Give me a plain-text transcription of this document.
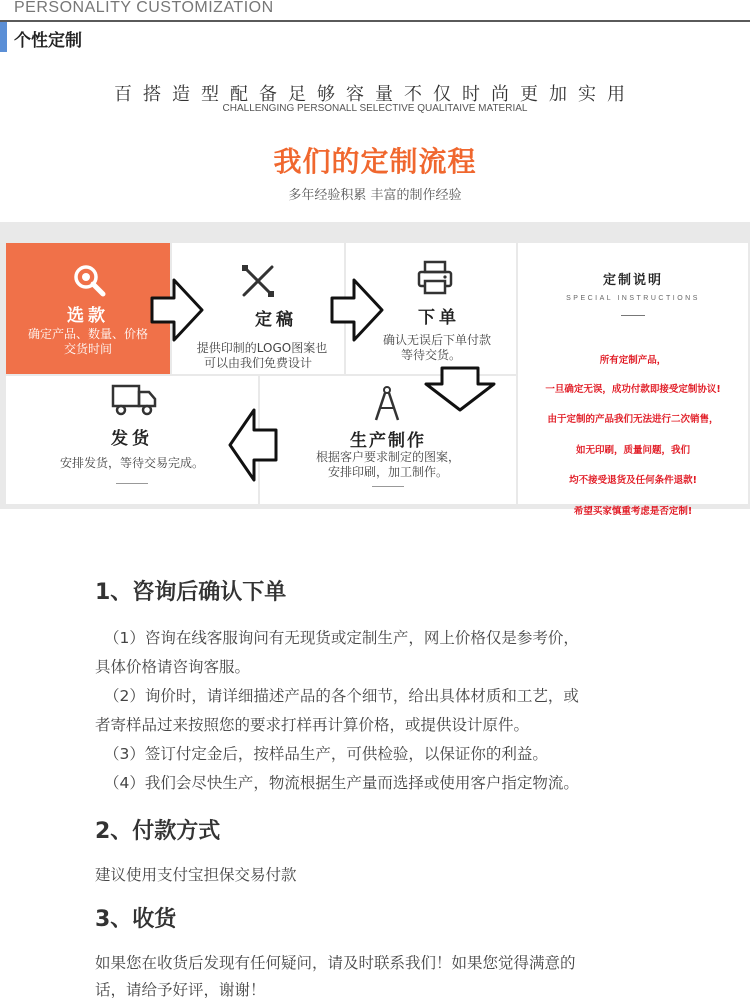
PERSONALITY CUSTOMIZATION
个性定制
百搭造型配备足够容量不仅时尚更加实用
CHALLENGING PERSONALL SELECTIVE QUALITAIVE MATERIAL
我们的定制流程
多年经验积累 丰富的制作经验
选款
确定产品、数量、价格
交货时间
定稿
提供印制的LOGO图案也
可以由我们免费设计
下单
确认无误后下单付款
等待交货。
定制说明
SPECIAL INSTRUCTIONS
所有定制产品，
一旦确定无误，成功付款即接受定制协议!
由于定制的产品我们无法进行二次销售，
如无印刷，质量问题，我们
均不接受退货及任何条件退款!
希望买家慎重考虑是否定制!
发货
安排发货，等待交易完成。
生产制作
根据客户要求制定的图案，
安排印刷，加工制作。
1、咨询后确认下单
（1）咨询在线客服询问有无现货或定制生产，网上价格仅是参考价，
具体价格请咨询客服。
（2）询价时，请详细描述产品的各个细节，给出具体材质和工艺，或
者寄样品过来按照您的要求打样再计算价格，或提供设计原件。
（3）签订付定金后，按样品生产，可供检验，以保证你的利益。
（4）我们会尽快生产，物流根据生产量而选择或使用客户指定物流。
2、付款方式
建议使用支付宝担保交易付款
3、收货
如果您在收货后发现有任何疑问，请及时联系我们！如果您觉得满意的
话，请给予好评，谢谢！
